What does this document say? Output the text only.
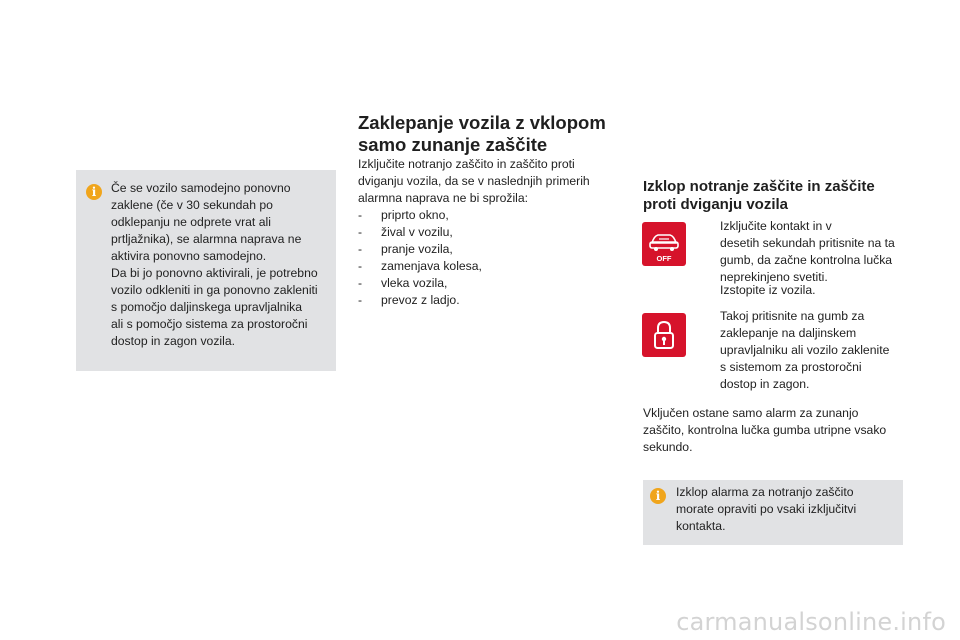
i	Če se vozilo samodejno ponovno
zaklene (če v 30 sekundah po
odklepanju ne odprete vrat ali
prtljažnika), se alarmna naprava ne
aktivira ponovno samodejno.
Da bi jo ponovno aktivirali, je potrebno
vozilo odkleniti in ga ponovno zakleniti
s pomočjo daljinskega upravljalnika
ali s pomočjo sistema za prostoročni
dostop in zagon vozila.
Zaklepanje vozila z vklopom
samo zunanje zaščite
Izključite notranjo zaščito in zaščito proti
dviganju vozila, da se v naslednjih primerih
alarmna naprava ne bi sprožila:
- priprto okno,
- žival v vozilu,
- pranje vozila,
- zamenjava kolesa,
- vleka vozila,
- prevoz z ladjo.
Izklop notranje zaščite in zaščite
proti dviganju vozila
OFF
Izključite kontakt in v
desetih sekundah pritisnite na ta
gumb, da začne kontrolna lučka
neprekinjeno svetiti.
Izstopite iz vozila.
Takoj pritisnite na gumb za
zaklepanje na daljinskem
upravljalniku ali vozilo zaklenite
s sistemom za prostoročni
dostop in zagon.
Vključen ostane samo alarm za zunanjo
zaščito, kontrolna lučka gumba utripne vsako
sekundo.
i	Izklop alarma za notranjo zaščito
morate opraviti po vsaki izključitvi
kontakta.
carmanualsonline.info
